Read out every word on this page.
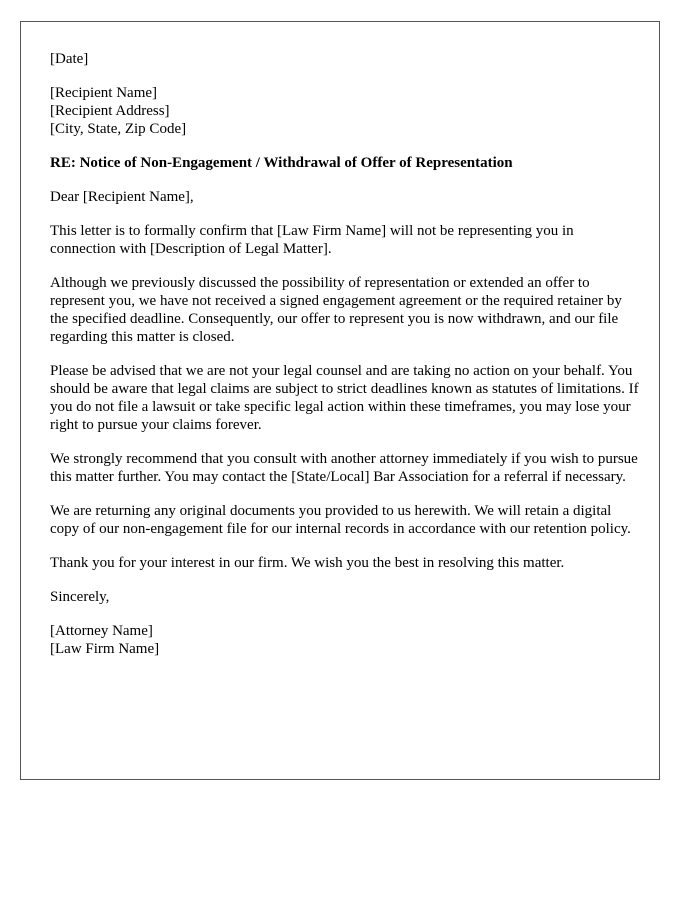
[Date]

[Recipient Name]
[Recipient Address]
[City, State, Zip Code]

RE: Notice of Non-Engagement / Withdrawal of Offer of Representation

Dear [Recipient Name],

This letter is to formally confirm that [Law Firm Name] will not be representing you in connection with [Description of Legal Matter].

Although we previously discussed the possibility of representation or extended an offer to represent you, we have not received a signed engagement agreement or the required retainer by the specified deadline. Consequently, our offer to represent you is now withdrawn, and our file regarding this matter is closed.

Please be advised that we are not your legal counsel and are taking no action on your behalf. You should be aware that legal claims are subject to strict deadlines known as statutes of limitations. If you do not file a lawsuit or take specific legal action within these timeframes, you may lose your right to pursue your claims forever.

We strongly recommend that you consult with another attorney immediately if you wish to pursue this matter further. You may contact the [State/Local] Bar Association for a referral if necessary.

We are returning any original documents you provided to us herewith. We will retain a digital copy of our non-engagement file for our internal records in accordance with our retention policy.

Thank you for your interest in our firm. We wish you the best in resolving this matter.

Sincerely,

[Attorney Name]
[Law Firm Name]
